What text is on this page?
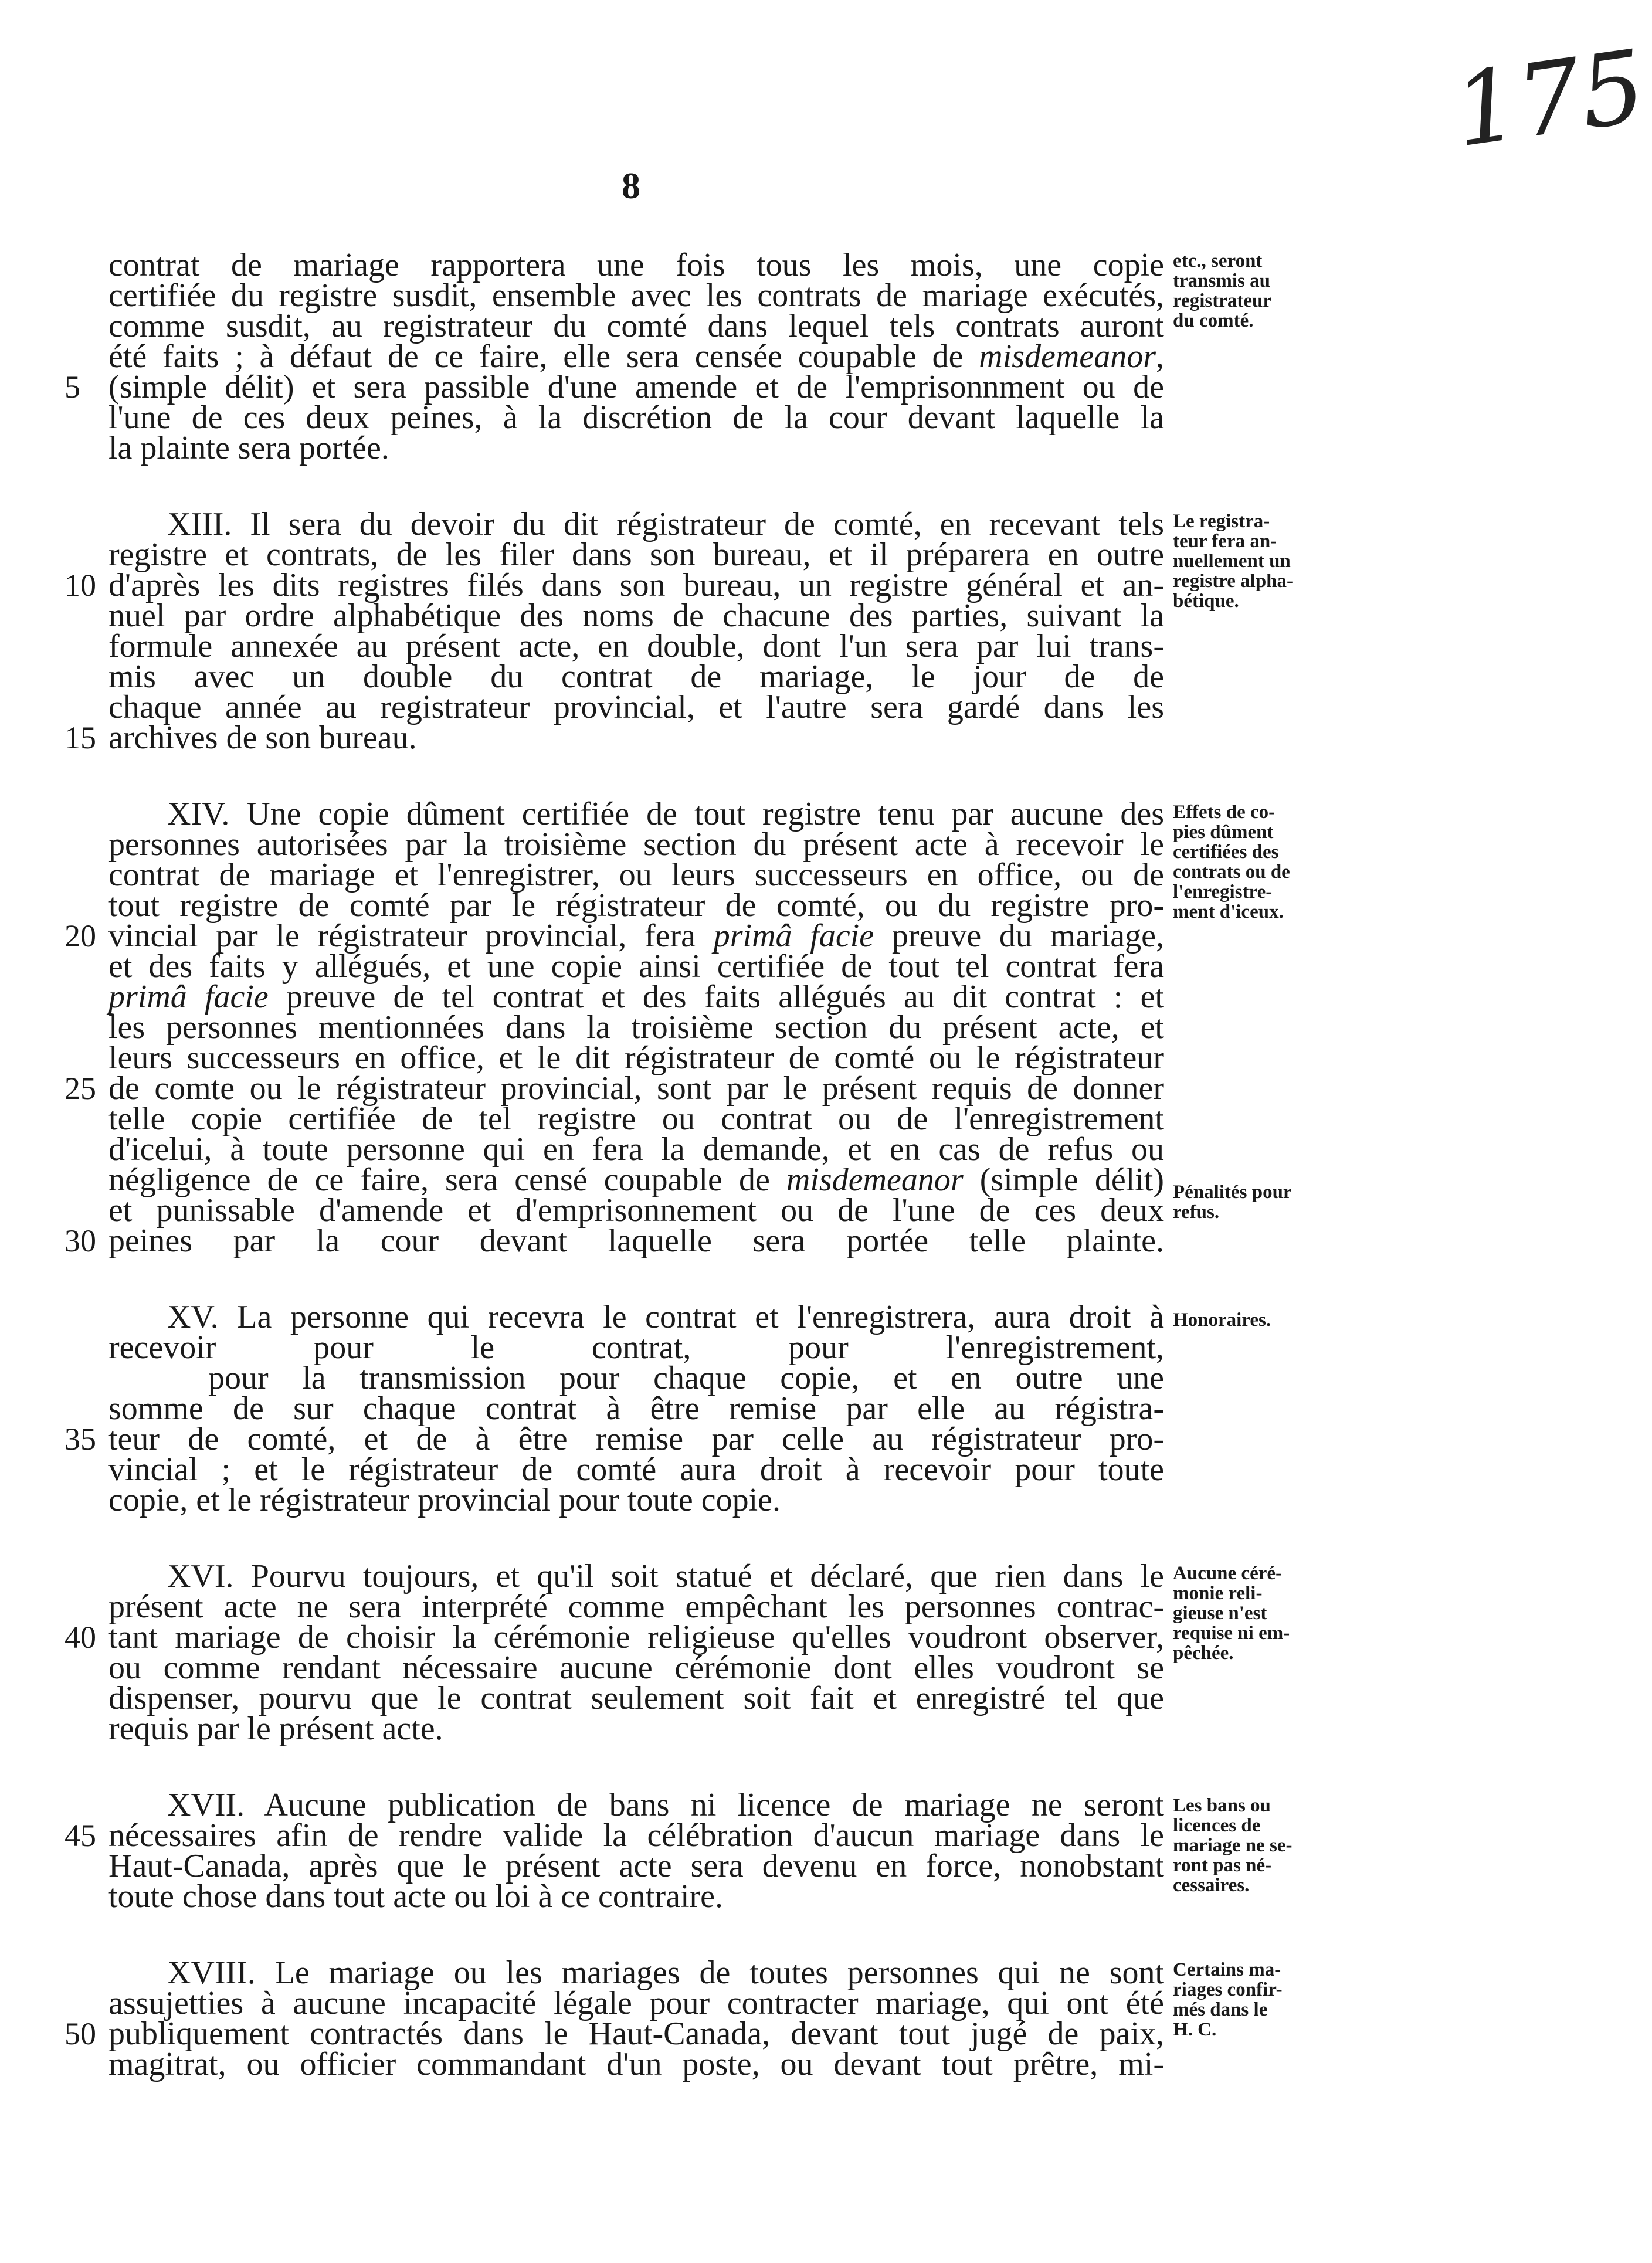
175
8
contrat de mariage rapportera une fois tous les mois, une copie
certifiée du registre susdit, ensemble avec les contrats de mariage exécutés,
comme susdit, au registrateur du comté dans lequel tels contrats auront
été faits ; à défaut de ce faire, elle sera censée coupable de misdemeanor,
(simple délit) et sera passible d'une amende et de l'emprisonnment ou de
l'une de ces deux peines, à la discrétion de la cour devant laquelle la
la plainte sera portée.
XIII. Il sera du devoir du dit régistrateur de comté, en recevant tels
registre et contrats, de les filer dans son bureau, et il préparera en outre
d'après les dits registres filés dans son bureau, un registre général et an-
nuel par ordre alphabétique des noms de chacune des parties, suivant la
formule annexée au présent acte, en double, dont l'un sera par lui trans-
mis avec un double du contrat de mariage, le jour de de
chaque année au registrateur provincial, et l'autre sera gardé dans les
archives de son bureau.
XIV. Une copie dûment certifiée de tout registre tenu par aucune des
personnes autorisées par la troisième section du présent acte à recevoir le
contrat de mariage et l'enregistrer, ou leurs successeurs en office, ou de
tout registre de comté par le régistrateur de comté, ou du registre pro-
vincial par le régistrateur provincial, fera primâ facie preuve du mariage,
et des faits y allégués, et une copie ainsi certifiée de tout tel contrat fera
primâ facie preuve de tel contrat et des faits allégués au dit contrat : et
les personnes mentionnées dans la troisième section du présent acte, et
leurs successeurs en office, et le dit régistrateur de comté ou le régistrateur
de comte ou le régistrateur provincial, sont par le présent requis de donner
telle copie certifiée de tel registre ou contrat ou de l'enregistrement
d'icelui, à toute personne qui en fera la demande, et en cas de refus ou
négligence de ce faire, sera censé coupable de misdemeanor (simple délit)
et punissable d'amende et d'emprisonnement ou de l'une de ces deux
peines par la cour devant laquelle sera portée telle plainte.
XV. La personne qui recevra le contrat et l'enregistrera, aura droit à
recevoir pour le contrat, pour l'enregistrement,
pour la transmission pour chaque copie, et en outre une
somme de sur chaque contrat à être remise par elle au régistra-
teur de comté, et de à être remise par celle au régistrateur pro-
vincial ; et le régistrateur de comté aura droit à recevoir pour toute
copie, et le régistrateur provincial pour toute copie.
XVI. Pourvu toujours, et qu'il soit statué et déclaré, que rien dans le
présent acte ne sera interprété comme empêchant les personnes contrac-
tant mariage de choisir la cérémonie religieuse qu'elles voudront observer,
ou comme rendant nécessaire aucune cérémonie dont elles voudront se
dispenser, pourvu que le contrat seulement soit fait et enregistré tel que
requis par le présent acte.
XVII. Aucune publication de bans ni licence de mariage ne seront
nécessaires afin de rendre valide la célébration d'aucun mariage dans le
Haut-Canada, après que le présent acte sera devenu en force, nonobstant
toute chose dans tout acte ou loi à ce contraire.
XVIII. Le mariage ou les mariages de toutes personnes qui ne sont
assujetties à aucune incapacité légale pour contracter mariage, qui ont été
publiquement contractés dans le Haut-Canada, devant tout jugé de paix,
magitrat, ou officier commandant d'un poste, ou devant tout prêtre, mi-
5
10
15
20
25
30
35
40
45
50
etc., seront
transmis au
registrateur
du comté.
Le registra-
teur fera an-
nuellement un
registre alpha-
bétique.
Effets de co-
pies dûment
certifiées des
contrats ou de
l'enregistre-
ment d'iceux.
Pénalités pour
refus.
Honoraires.
Aucune céré-
monie reli-
gieuse n'est
requise ni em-
pêchée.
Les bans ou
licences de
mariage ne se-
ront pas né-
cessaires.
Certains ma-
riages confir-
més dans le
H. C.
